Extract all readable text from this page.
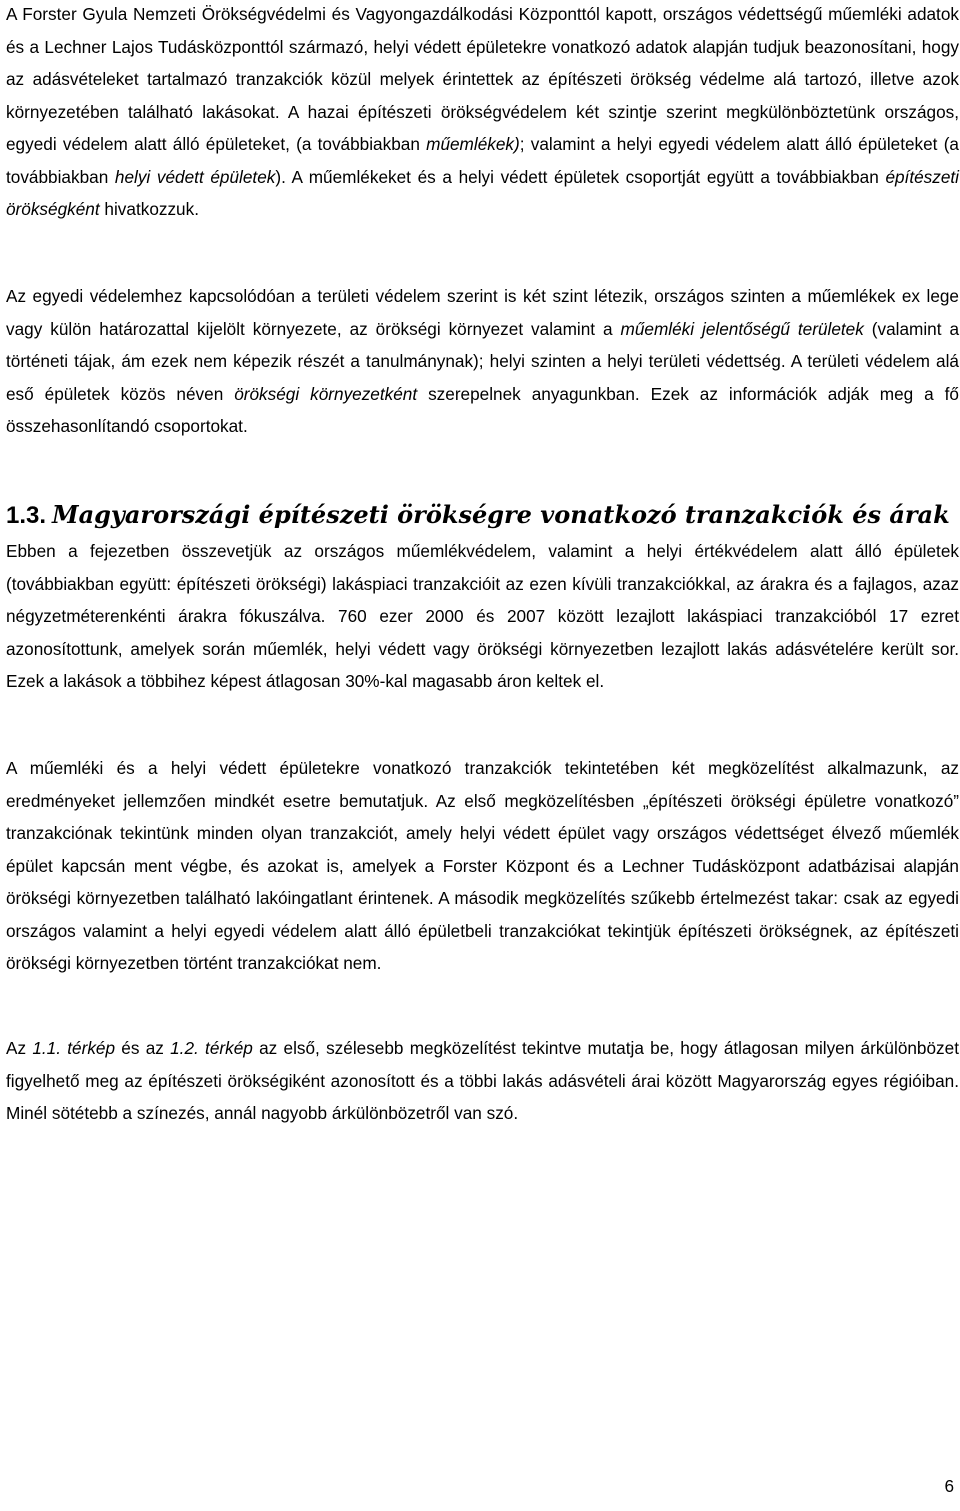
A Forster Gyula Nemzeti Örökségvédelmi és Vagyongazdálkodási Központtól kapott, országos védettségű műemléki adatok és a Lechner Lajos Tudásközponttól származó, helyi védett épületekre vonatkozó adatok alapján tudjuk beazonosítani, hogy az adásvételeket tartalmazó tranzakciók közül melyek érintettek az építészeti örökség védelme alá tartozó, illetve azok környezetében található lakásokat. A hazai építészeti örökségvédelem két szintje szerint megkülönböztetünk országos, egyedi védelem alatt álló épületeket, (a továbbiakban műemlékek); valamint a helyi egyedi védelem alatt álló épületeket (a továbbiakban helyi védett épületek). A műemlékeket és a helyi védett épületek csoportját együtt a továbbiakban építészeti örökségként hivatkozzuk.

Az egyedi védelemhez kapcsolódóan a területi védelem szerint is két szint létezik, országos szinten a műemlékek ex lege vagy külön határozattal kijelölt környezete, az örökségi környezet valamint a műemléki jelentőségű területek (valamint a történeti tájak, ám ezek nem képezik részét a tanulmánynak); helyi szinten a helyi területi védettség. A területi védelem alá eső épületek közös néven örökségi környezetként szerepelnek anyagunkban. Ezek az információk adják meg a fő összehasonlítandó csoportokat.

1.3. Magyarországi építészeti örökségre vonatkozó tranzakciók és árak

Ebben a fejezetben összevetjük az országos műemlékvédelem, valamint a helyi értékvédelem alatt álló épületek (továbbiakban együtt: építészeti örökségi) lakáspiaci tranzakcióit az ezen kívüli tranzakciókkal, az árakra és a fajlagos, azaz négyzetméterenkénti árakra fókuszálva. 760 ezer 2000 és 2007 között lezajlott lakáspiaci tranzakcióból 17 ezret azonosítottunk, amelyek során műemlék, helyi védett vagy örökségi környezetben lezajlott lakás adásvételére került sor. Ezek a lakások a többihez képest átlagosan 30%-kal magasabb áron keltek el.

A műemléki és a helyi védett épületekre vonatkozó tranzakciók tekintetében két megközelítést alkalmazunk, az eredményeket jellemzően mindkét esetre bemutatjuk. Az első megközelítésben „építészeti örökségi épületre vonatkozó” tranzakciónak tekintünk minden olyan tranzakciót, amely helyi védett épület vagy országos védettséget élvező műemlék épület kapcsán ment végbe, és azokat is, amelyek a Forster Központ és a Lechner Tudásközpont adatbázisai alapján örökségi környezetben található lakóingatlant érintenek. A második megközelítés szűkebb értelmezést takar: csak az egyedi országos valamint a helyi egyedi védelem alatt álló épületbeli tranzakciókat tekintjük építészeti örökségnek, az építészeti örökségi környezetben történt tranzakciókat nem.

Az 1.1. térkép és az 1.2. térkép az első, szélesebb megközelítést tekintve mutatja be, hogy átlagosan milyen árkülönbözet figyelhető meg az építészeti örökségiként azonosított és a többi lakás adásvételi árai között Magyarország egyes régióiban. Minél sötétebb a színezés, annál nagyobb árkülönbözetről van szó.

6
